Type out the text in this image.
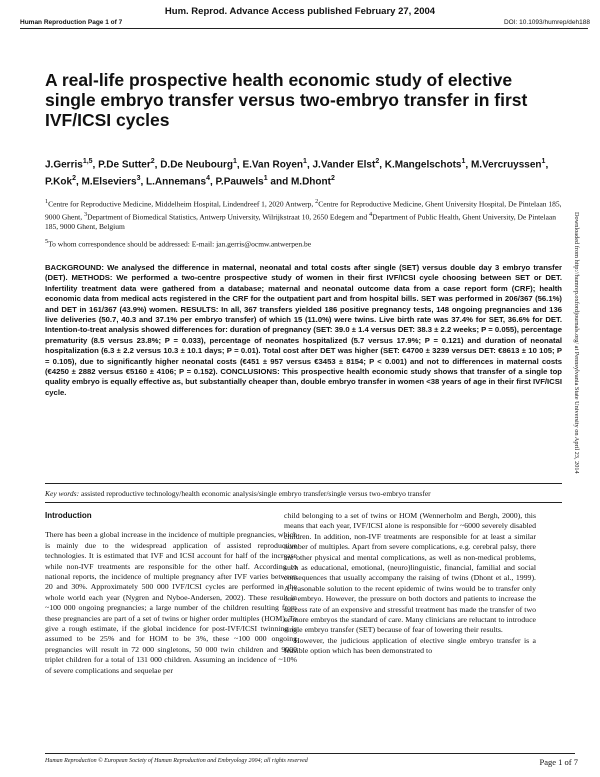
Hum. Reprod. Advance Access published February 27, 2004
Human Reproduction Page 1 of 7	DOI: 10.1093/humrep/deh188
A real-life prospective health economic study of elective single embryo transfer versus two-embryo transfer in first IVF/ICSI cycles
J.Gerris$^{1,5}$, P.De Sutter$^2$, D.De Neubourg$^1$, E.Van Royen$^1$, J.Vander Elst$^2$, K.Mangelschots$^1$, M.Vercruyssen$^1$, P.Kok$^2$, M.Elseviers$^3$, L.Annemans$^4$, P.Pauwels$^1$ and M.Dhont$^2$
$^1$Centre for Reproductive Medicine, Middelheim Hospital, Lindendreef 1, 2020 Antwerp, $^2$Centre for Reproductive Medicine, Ghent University Hospital, De Pintelaan 185, 9000 Ghent, $^3$Department of Biomedical Statistics, Antwerp University, Wilrijkstraat 10, 2650 Edegem and $^4$Department of Public Health, Ghent University, De Pintelaan 185, 9000 Ghent, Belgium
$^5$To whom correspondence should be addressed: E-mail: jan.gerris@ocmw.antwerpen.be
BACKGROUND: We analysed the difference in maternal, neonatal and total costs after single (SET) versus double day 3 embryo transfer (DET). METHODS: We performed a two-centre prospective study of women in their first IVF/ICSI cycle choosing between SET or DET. Infertility treatment data were gathered from a database; maternal and neonatal outcome data from a case report form (CRF); health economic data from medical acts registered in the CRF for the outpatient part and from hospital bills. SET was performed in 206/367 (56.1%) and DET in 161/367 (43.9%) women. RESULTS: In all, 367 transfers yielded 186 positive pregnancy tests, 148 ongoing pregnancies and 136 live deliveries (50.7, 40.3 and 37.1% per embryo transfer) of which 15 (11.0%) were twins. Live birth rate was 37.4% for SET, 36.6% for DET. Intention-to-treat analysis showed differences for: duration of pregnancy (SET: 39.0 ± 1.4 versus DET: 38.3 ± 2.2 weeks; P = 0.055), percentage prematurity (8.5 versus 23.8%; P = 0.033), percentage of neonates hospitalized (5.7 versus 17.9%; P = 0.121) and duration of neonatal hospitalization (6.3 ± 2.2 versus 10.3 ± 10.1 days; P = 0.01). Total cost after DET was higher (SET: €4700 ± 3239 versus DET: €8613 ± 10 105; P = 0.105), due to significantly higher neonatal costs (€451 ± 957 versus €3453 ± 8154; P < 0.001) and not to differences in maternal costs (€4250 ± 2882 versus €5160 ± 4106; P = 0.152). CONCLUSIONS: This prospective health economic study shows that transfer of a single top quality embryo is equally effective as, but substantially cheaper than, double embryo transfer in women <38 years of age in their first IVF/ICSI cycle.
Key words: assisted reproductive technology/health economic analysis/single embryo transfer/single versus two-embryo transfer
Introduction

There has been a global increase in the incidence of multiple pregnancies, which is mainly due to the widespread application of assisted reproductive technologies. It is estimated that IVF and ICSI account for half of the increase while non-IVF treatments are responsible for the other half. According to national reports, the incidence of multiple pregnancy after IVF varies between 20 and 30%. Approximately 500 000 IVF/ICSI cycles are performed in the whole world each year (Nygren and Nyboe-Andersen, 2002). These result in ~100 000 ongoing pregnancies; a large number of the children resulting from these pregnancies are part of a set of twins or higher order multiples (HOM). To give a rough estimate, if the global incidence for post-IVF/ICSI twinning is assumed to be 25% and for HOM to be 3%, these ~100 000 ongoing pregnancies will result in 72 000 singletons, 50 000 twin children and 9000 triplet children for a total of 131 000 children. Assuming an incidence of ~10% of severe complications and sequelae per

child belonging to a set of twins or HOM (Wennerholm and Bergh, 2000), this means that each year, IVF/ICSI alone is responsible for ~6000 severely disabled children. In addition, non-IVF treatments are responsible for at least a similar number of multiples. Apart from severe complications, e.g. cerebral palsy, there are other physical and mental complications, as well as non-medical problems, such as educational, emotional, (neuro)linguistic, financial, familial and social consequences that usually accompany the raising of twins (Dhont et al., 1999). A reasonable solution to the recent epidemic of twins would be to transfer only one embryo. However, the pressure on both doctors and patients to increase the success rate of an expensive and stressful treatment has made the transfer of two or more embryos the standard of care. Many clinicians are reluctant to introduce single embryo transfer (SET) because of fear of lowering their results.

However, the judicious application of elective single embryo transfer is a feasible option which has been demonstrated to

Human Reproduction © European Society of Human Reproduction and Embryology 2004; all rights reserved	Page 1 of 7
Downloaded from http://humrep.oxfordjournals.org/ at Pennsylvania State University on April 23, 2014
